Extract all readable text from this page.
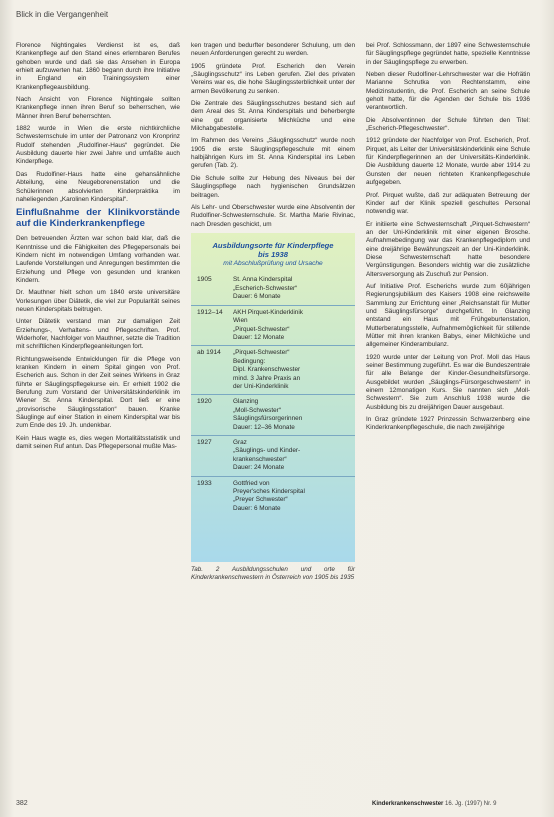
Blick in die Vergangenheit

Florence Nightingales Verdienst ist es, daß Krankenpflege auf den Stand eines erlernbaren Berufes gehoben wurde und daß sie das Ansehen in Europa erhielt aufzuwerten hat. 1860 begann durch ihre Initiative in England ein Trainingssystem einer Krankenpflegeausbildung.

Nach Ansicht von Florence Nightingale sollten Krankenpflege innen ihren Beruf so beherrschen, wie Männer ihren Beruf beherrschten.

1882 wurde in Wien die erste nichtkirchliche Schwesternschule im unter der Patronanz von Kronprinz Rudolf stehenden „Rudolfiner-Haus“ gegründet. Die Ausbildung dauerte hier zwei Jahre und umfaßte auch Kinderpflege.

Das Rudolfiner-Haus hatte eine gehansähnliche Abteilung, eine Neugeborenenstation und die Schülerinnen absolvierten Kinderpraktika im naheliegenden „Karolinen Kinderspital“.

Einflußnahme der Klinikvorstände auf die Kinderkrankenpflege

Den betreuenden Ärzten war schon bald klar, daß die Kenntnisse und die Fähigkeiten des Pflegepersonals bei Kindern nicht im notwendigen Umfang vorhanden war. Laufende Vorstellungen und Anregungen bestimmten die Erziehung und Pflege von gesunden und kranken Kindern.

Dr. Mauthner hielt schon um 1840 erste universitäre Vorlesungen über Diätetik, die viel zur Popularität seines neuen Kinderspitals beitrugen.

Unter Diätetik verstand man zur damaligen Zeit Erziehungs-, Verhaltens- und Pflegeschriften. Prof. Widerhofer, Nachfolger von Mauthner, setzte die Tradition mit schriftlichen Kinderpflegeanleitungen fort.

Richtungsweisende Entwicklungen für die Pflege von kranken Kindern in einem Spital gingen von Prof. Escherich aus. Schon in der Zeit seines Wirkens in Graz führte er Säuglingspflegekurse ein. Er erhielt 1902 die Berufung zum Vorstand der Universitätskinderklinik im Wiener St. Anna Kinderspital. Dort ließ er eine „provisorische Säuglingsstation“ bauen. Kranke Säuglinge auf einer Station in einem Kinderspital war bis zum Ende des 19. Jh. undenkbar.

Kein Haus wagte es, dies wegen Mortalitätsstatistik und damit seinen Ruf antun. Das Pflegepersonal mußte Mas-

ken tragen und bedurfter besonderer Schulung, um den neuen Anforderungen gerecht zu werden.

1905 gründete Prof. Escherich den Verein „Säuglingsschutz“ ins Leben gerufen. Ziel des privaten Vereins war es, die hohe Säuglingssterblichkeit unter der armen Bevölkerung zu senken.

Die Zentrale des Säuglingsschutzes bestand sich auf dem Areal des St. Anna Kinderspitals und beherbergte eine gut organisierte Milchküche und eine Milchabgabestelle.

Im Rahmen des Vereins „Säuglingsschutz“ wurde noch 1905 die erste Säuglingspflegeschule mit einem halbjährigen Kurs im St. Anna Kinderspital ins Leben gerufen (Tab. 2).

Die Schule sollte zur Hebung des Niveaus bei der Säuglingspflege nach hygienischen Grundsätzen beitragen.

Als Lehr- und Oberschwester wurde eine Absolventin der Rudolfiner-Schwesternschule. Sr. Martha Marie Rivinac, nach Dresden geschickt, um

Ausbildungsorte für Kinderpflege
bis 1938
mit Abschlußprüfung und Ursache
1905	St. Anna Kinderspital
„Escherich-Schwester“
Dauer: 6 Monate
1912–14	AKH Pirquet-Kinderklinik
Wien
„Pirquet-Schwester“
Dauer: 12 Monate
ab 1914	„Pirquet-Schwester“
Bedingung:
Dipl. Krankenschwester
mind. 3 Jahre Praxis an
der Uni-Kinderklinik
1920	Glanzing
„Moll-Schwester“
Säuglingsfürsorgerinnen
Dauer: 12–36 Monate
1927	Graz
„Säuglings- und Kinder-
krankenschwester“
Dauer: 24 Monate
1933	Gottfried von
Preyer'sches Kinderspital
„Preyer Schwester“
Dauer: 6 Monate
Tab. 2 Ausbildungsschulen und orte für Kinderkrankenschwestern in Österreich von 1905 bis 1935

bei Prof. Schlossmann, der 1897 eine Schwesternschule für Säuglingspflege gegründet hatte, spezielle Kenntnisse in der Säuglingspflege zu erwerben.

Neben dieser Rudolfiner-Lehrschwester war die Hofrätin Marianne Schrutka von Rechtenstamm, eine Medizinstudentin, die Prof. Escherich an seine Schule geholt hatte, für die Agenden der Schule bis 1936 verantwortlich.

Die Absolventinnen der Schule führten den Titel: „Escherich-Pflegeschwester“.

1912 gründete der Nachfolger von Prof. Escherich, Prof. Pirquet, als Leiter der Universitätskinderklinik eine Schule für Kinderpflegerinnen an der Universitäts-Kinderklinik. Die Ausbildung dauerte 12 Monate, wurde aber 1914 zu Gunsten der neuen richteten Krankenpflegeschule aufgegeben.

Prof. Pirquet wußte, daß zur adäquaten Betreuung der Kinder auf der Klinik speziell geschultes Personal notwendig war.

Er initiierte eine Schwesternschaft „Pirquet-Schwestern“ an der Uni-Kinderklinik mit einer eigenen Brosche. Aufnahmebedingung war das Krankenpflegediplom und eine dreijährige Bewährungszeit an der Uni-Kinderklinik. Diese Schwesternschaft hatte besondere Vergünstigungen. Besonders wichtig war die zusätzliche Altersversorgung als Zuschuß zur Pension.

Auf Initiative Prof. Escherichs wurde zum 60jährigen Regierungsjubiläum des Kaisers 1908 eine reichsweite Sammlung zur Errichtung einer „Reichsanstalt für Mutter und Säuglingsfürsorge“ durchgeführt. In Glanzing entstand ein Haus mit Frühgeburtenstation, Mutterberatungsstelle, Aufnahmemöglichkeit für stillende Mütter mit ihren kranken Babys, einer Milchküche und allgemeiner Kinderambulanz.

1920 wurde unter der Leitung von Prof. Moll das Haus seiner Bestimmung zugeführt. Es war die Bundeszentrale für alle Belange der Kinder-Gesundheitsfürsorge. Ausgebildet wurden „Säuglings-Fürsorgeschwestern“ in einem 12monatigen Kurs. Sie nannten sich „Moll-Schwestern“. Sie zum Anschluß 1938 wurde die Ausbildung bis zu dreijährigen Dauer ausgebaut.

In Graz gründete 1927 Prinzessin Schwarzenberg eine Kinderkrankenpflegeschule, die nach zweijährige

382	Kinderkrankenschwester 16. Jg. (1997) Nr. 9
